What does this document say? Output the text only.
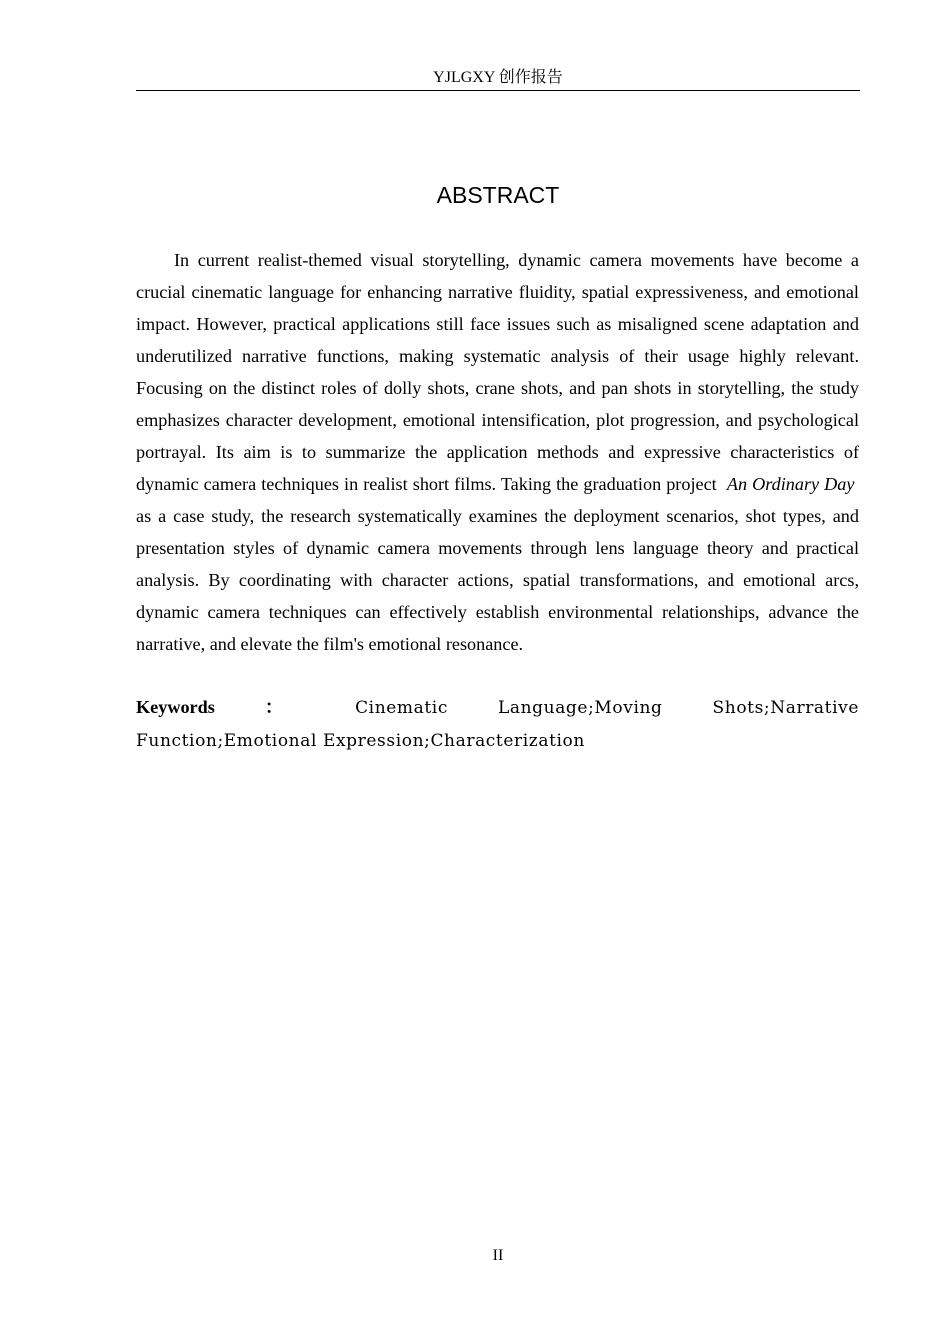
YJLGXY 创作报告
ABSTRACT

In current realist-themed visual storytelling, dynamic camera movements have become a crucial cinematic language for enhancing narrative fluidity, spatial expressiveness, and emotional impact. However, practical applications still face issues such as misaligned scene adaptation and underutilized narrative functions, making systematic analysis of their usage highly relevant. Focusing on the distinct roles of dolly shots, crane shots, and pan shots in storytelling, the study emphasizes character development, emotional intensification, plot progression, and psychological portrayal. Its aim is to summarize the application methods and expressive characteristics of dynamic camera techniques in realist short films. Taking the graduation project An Ordinary Day  as a case study, the research systematically examines the deployment scenarios, shot types, and presentation styles of dynamic camera movements through lens language theory and practical analysis. By coordinating with character actions, spatial transformations, and emotional arcs, dynamic camera techniques can effectively establish environmental relationships, advance the narrative, and elevate the film's emotional resonance.

Keywords ： Cinematic Language;Moving Shots;Narrative Function;Emotional Expression;Characterization

II
